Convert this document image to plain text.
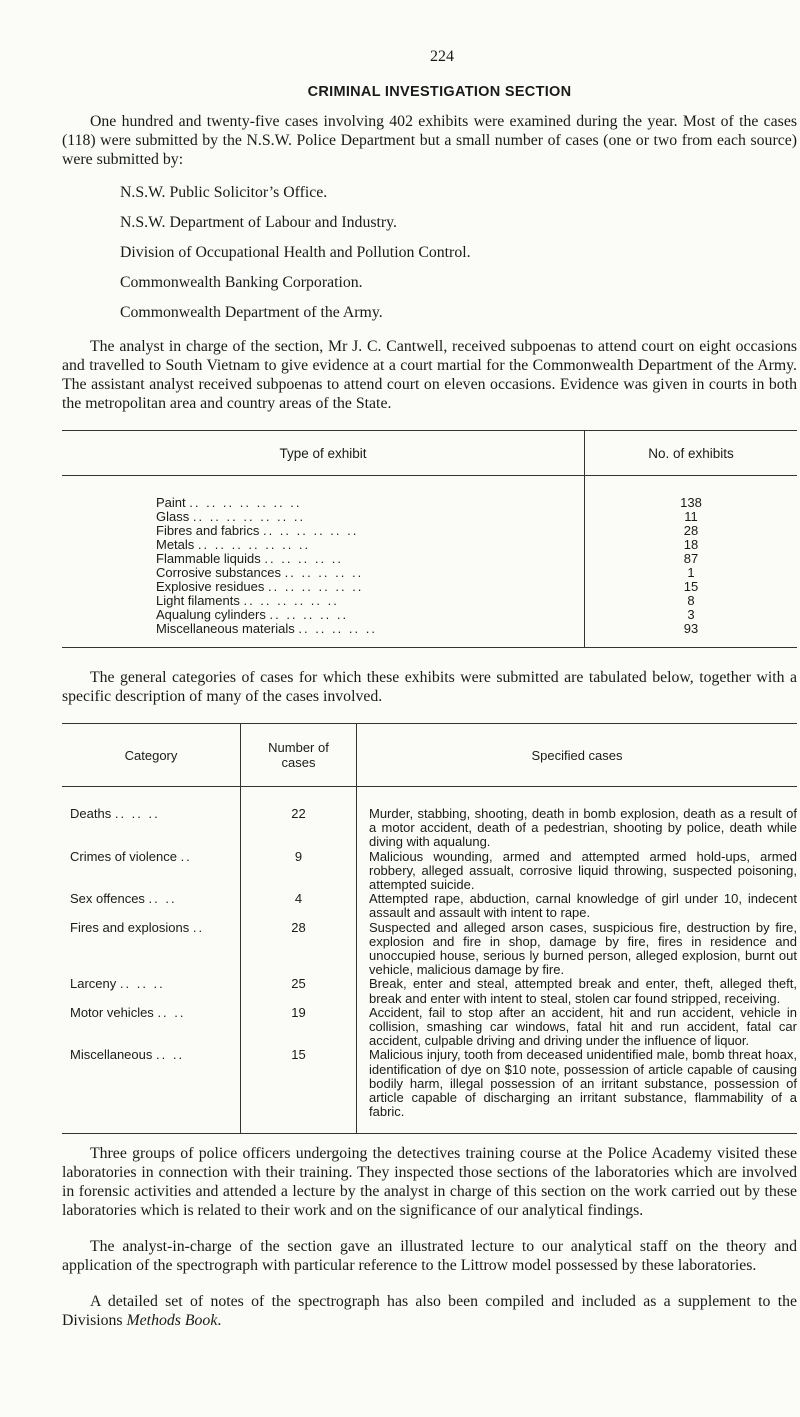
224
CRIMINAL INVESTIGATION SECTION

One hundred and twenty-five cases involving 402 exhibits were examined during the year. Most of the cases (118) were submitted by the N.S.W. Police Department but a small number of cases (one or two from each source) were submitted by:

N.S.W. Public Solicitor’s Office.
N.S.W. Department of Labour and Industry.
Division of Occupational Health and Pollution Control.
Commonwealth Banking Corporation.
Commonwealth Department of the Army.

The analyst in charge of the section, Mr J. C. Cantwell, received subpoenas to attend court on eight occasions and travelled to South Vietnam to give evidence at a court martial for the Commonwealth Department of the Army. The assistant analyst received subpoenas to attend court on eleven occasions. Evidence was given in courts in both the metropolitan area and country areas of the State.

Type of exhibit	No. of exhibits
Paint .. .. .. .. .. .. ..	138
Glass .. .. .. .. .. .. ..	11
Fibres and fabrics .. .. .. .. .. ..	28
Metals .. .. .. .. .. .. ..	18
Flammable liquids .. .. .. .. ..	87
Corrosive substances .. .. .. .. ..	1
Explosive residues .. .. .. .. .. ..	15
Light filaments .. .. .. .. .. ..	8
Aqualung cylinders .. .. .. .. ..	3
Miscellaneous materials .. .. .. .. ..	93

The general categories of cases for which these exhibits were submitted are tabulated below, together with a specific description of many of the cases involved.

Category	Number of cases	Specified cases
Deaths .. .. ..	22	Murder, stabbing, shooting, death in bomb explosion, death as a result of a motor accident, death of a pedestrian, shooting by police, death while diving with aqualung.
Crimes of violence ..	9	Malicious wounding, armed and attempted armed hold-ups, armed robbery, alleged assualt, corrosive liquid throwing, suspected poisoning, attempted suicide.
Sex offences .. ..	4	Attempted rape, abduction, carnal knowledge of girl under 10, indecent assault and assault with intent to rape.
Fires and explosions ..	28	Suspected and alleged arson cases, suspicious fire, destruction by fire, explosion and fire in shop, damage by fire, fires in residence and unoccupied house, serious ly burned person, alleged explosion, burnt out vehicle, malicious damage by fire.
Larceny .. .. ..	25	Break, enter and steal, attempted break and enter, theft, alleged theft, break and enter with intent to steal, stolen car found stripped, receiving.
Motor vehicles .. ..	19	Accident, fail to stop after an accident, hit and run accident, vehicle in collision, smashing car windows, fatal hit and run accident, fatal car accident, culpable driving and driving under the influence of liquor.
Miscellaneous .. ..	15	Malicious injury, tooth from deceased unidentified male, bomb threat hoax, identification of dye on $10 note, possession of article capable of causing bodily harm, illegal possession of an irritant substance, possession of article capable of discharging an irritant substance, flammability of a fabric.

Three groups of police officers undergoing the detectives training course at the Police Academy visited these laboratories in connection with their training. They inspected those sections of the laboratories which are involved in forensic activities and attended a lecture by the analyst in charge of this section on the work carried out by these laboratories which is related to their work and on the significance of our analytical findings.

The analyst-in-charge of the section gave an illustrated lecture to our analytical staff on the theory and application of the spectrograph with particular reference to the Littrow model possessed by these laboratories.

A detailed set of notes of the spectrograph has also been compiled and included as a supplement to the Divisions Methods Book.
